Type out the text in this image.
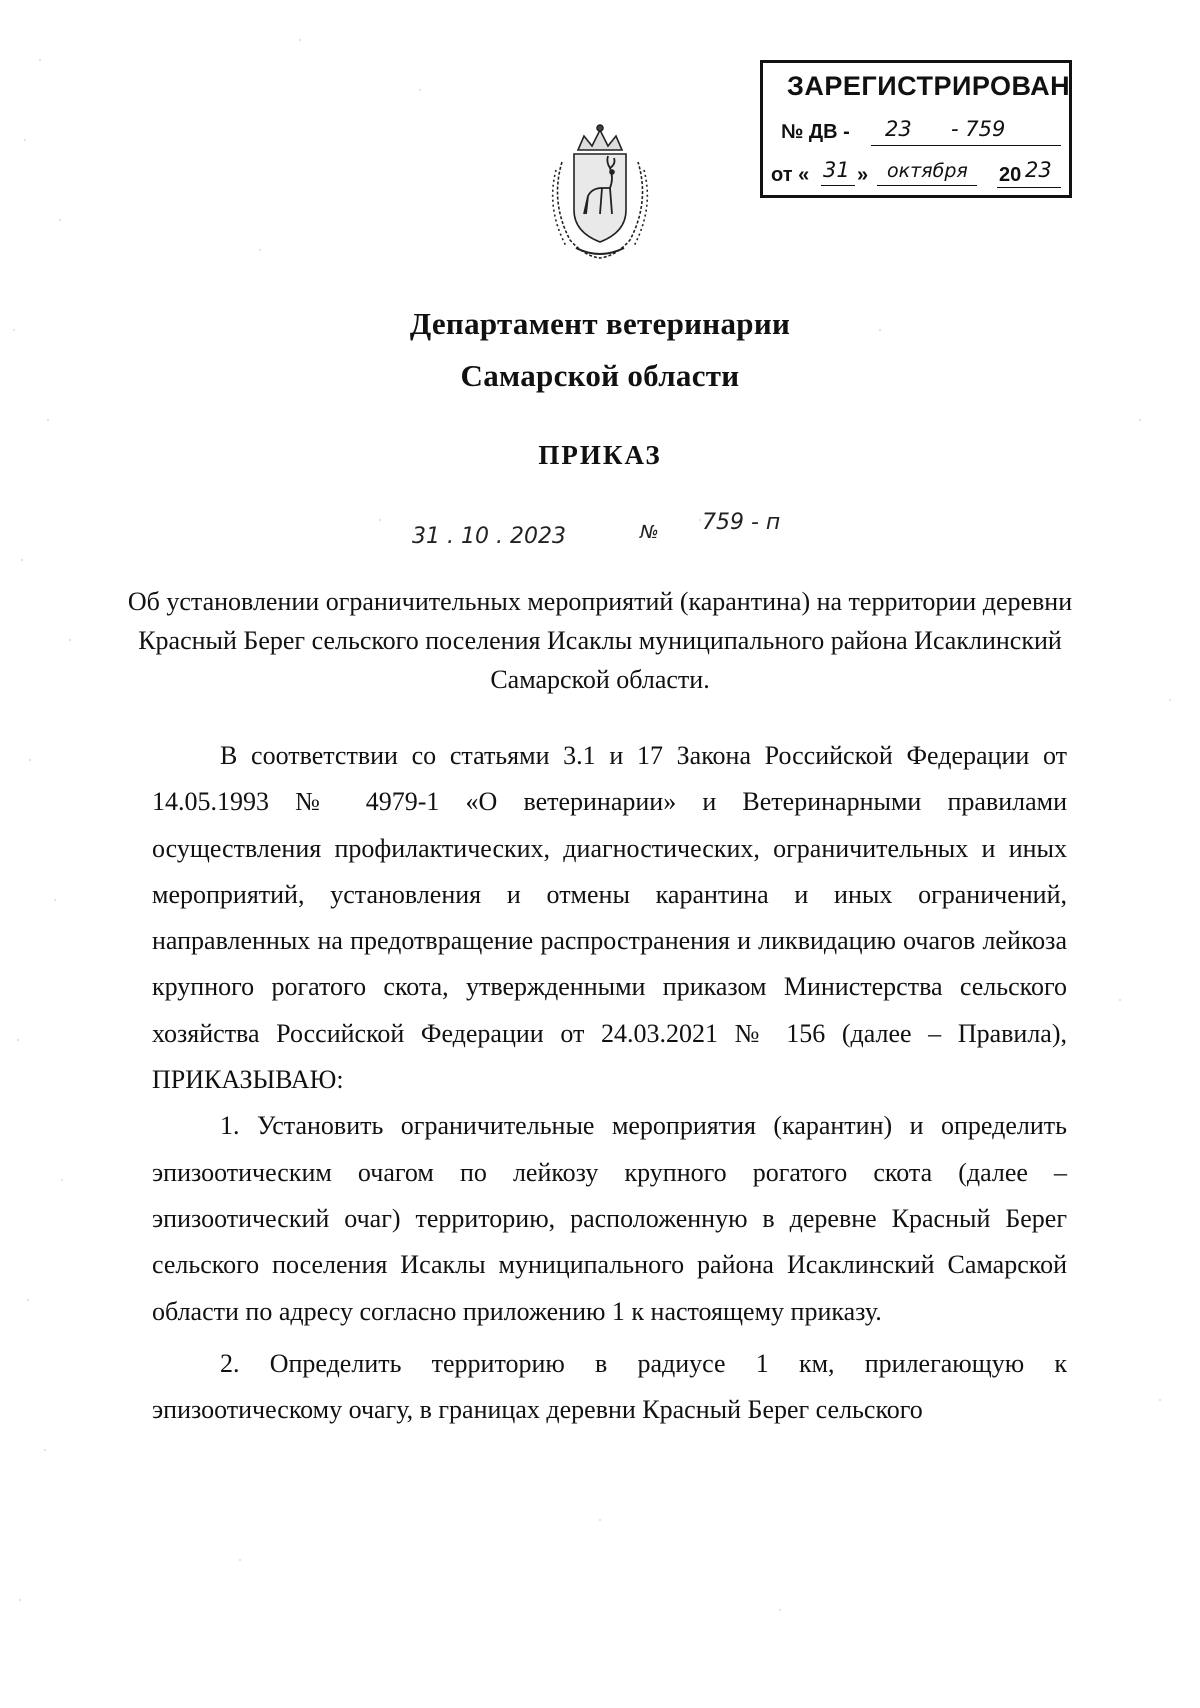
ЗАРЕГИСТРИРОВАН
№ ДВ - 23 - 759
от « 31 » октября 20 23
Департамент ветеринарии
Самарской области
ПРИКАЗ
31 . 10 . 2023	№ 759 - п
Об установлении ограничительных мероприятий (карантина) на территории деревни Красный Берег сельского поселения Исаклы муниципального района Исаклинский Самарской области.

В соответствии со статьями 3.1 и 17 Закона Российской Федерации от 14.05.1993 № 4979-1 «О ветеринарии» и Ветеринарными правилами осуществления профилактических, диагностических, ограничительных и иных мероприятий, установления и отмены карантина и иных ограничений, направленных на предотвращение распространения и ликвидацию очагов лейкоза крупного рогатого скота, утвержденными приказом Министерства сельского хозяйства Российской Федерации от 24.03.2021 № 156 (далее – Правила), ПРИКАЗЫВАЮ:

1. Установить ограничительные мероприятия (карантин) и определить эпизоотическим очагом по лейкозу крупного рогатого скота (далее – эпизоотический очаг) территорию, расположенную в деревне Красный Берег сельского поселения Исаклы муниципального района Исаклинский Самарской области по адресу согласно приложению 1 к настоящему приказу.

2. Определить территорию в радиусе 1 км, прилегающую к эпизоотическому очагу, в границах деревни Красный Берег сельского
